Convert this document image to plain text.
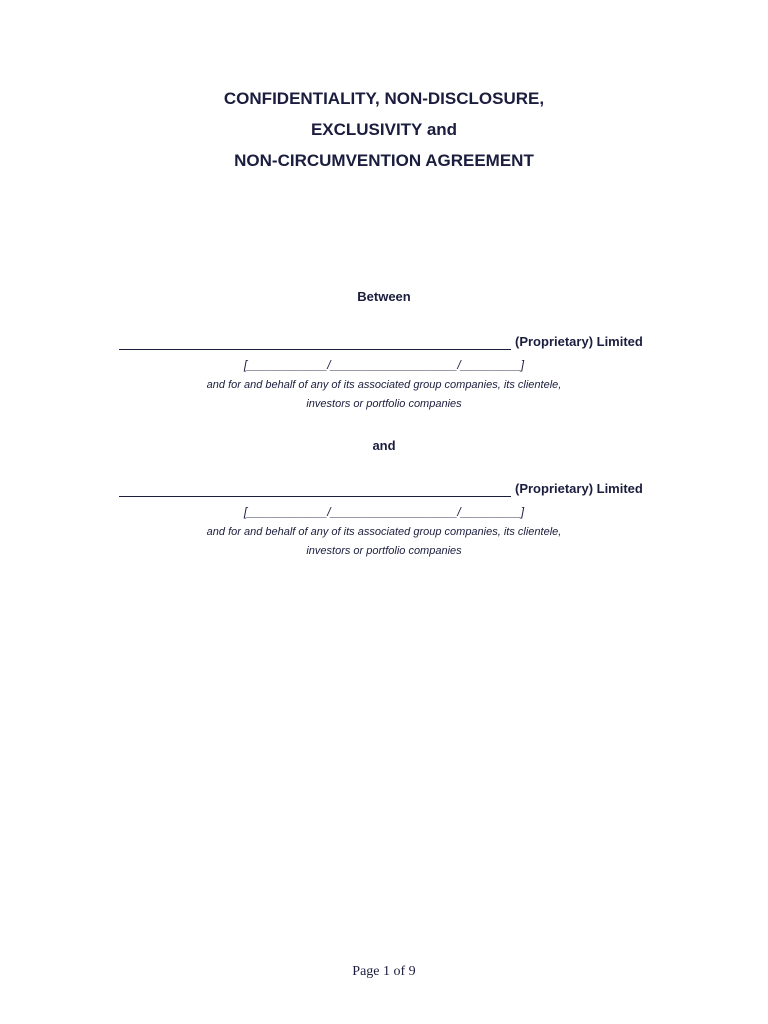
CONFIDENTIALITY, NON-DISCLOSURE,
EXCLUSIVITY and
NON-CIRCUMVENTION AGREEMENT
Between
(Proprietary) Limited
[____________/___________________/_________]
and for and behalf of any of its associated group companies, its clientele,
investors or portfolio companies
and
(Proprietary) Limited
[____________/___________________/_________]
and for and behalf of any of its associated group companies, its clientele,
investors or portfolio companies
Page 1 of 9
